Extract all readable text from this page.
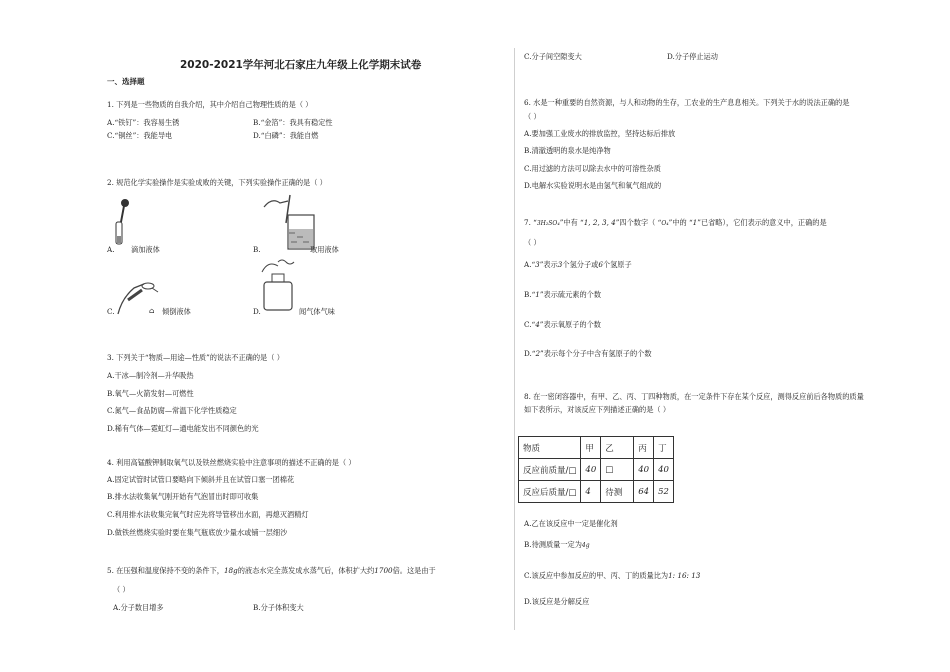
2020-2021学年河北石家庄九年级上化学期末试卷
一、选择题
1. 下列是一些物质的自我介绍，其中介绍自己物理性质的是（ ）
A.“铁钉”：我容易生锈	B.“金箔”：我具有稳定性
C.“铜丝”：我能导电	D.“白磷”：我能自燃
2. 规范化学实验操作是实验成败的关键，下列实验操作正确的是（ ）
A. 滴加液体	B.	取用液体
C.	⌂ 倾倒液体	D.	闻气体气味
3. 下列关于“物质—用途—性质”的说法不正确的是（ ）
A.干冰—制冷剂—升华吸热
B.氧气—火箭发射—可燃性
C.氮气—食品防腐—常温下化学性质稳定
D.稀有气体—霓虹灯—通电能发出不同颜色的光
4. 利用高锰酸钾制取氧气以及铁丝燃烧实验中注意事项的描述不正确的是（ ）
A.固定试管时试管口要略向下倾斜并且在试管口塞一团棉花
B.排水法收集氧气刚开始有气泡冒出时即可收集
C.利用排水法收集完氧气时应先将导管移出水面，再熄灭酒精灯
D.做铁丝燃烧实验时要在集气瓶底放少量水或铺一层细沙
5. 在压强和温度保持不变的条件下，18g的液态水完全蒸发成水蒸气后，体积扩大约1700倍。这是由于
（ ）
A.分子数目增多	B.分子体积变大
C.分子间空隙变大	D.分子停止运动
6. 水是一种重要的自然资源，与人和动物的生存，工农业的生产息息相关。下列关于水的说法正确的是
（ ）
A.要加强工业废水的排放监控，坚持达标后排放
B.清澈透明的泉水是纯净物
C.用过滤的方法可以除去水中的可溶性杂质
D.电解水实验说明水是由氢气和氧气组成的
7. “3H₂SO₄”中有 “1, 2, 3, 4”四个数字（ “O₄”中的 “1”已省略），它们表示的意义中，正确的是
（ ）
A.“3”表示3个氢分子或6个氢原子
B.“1”表示硫元素的个数
C.“4”表示氧原子的个数
D.“2”表示每个分子中含有氢原子的个数
8. 在一密闭容器中，有甲、乙、丙、丁四种物质，在一定条件下存在某个反应，测得反应前后各物质的质量
如下表所示，对该反应下列描述正确的是（ ）
物质	甲	乙	丙	丁
反应前质量/□	40	□	40	40
反应后质量/□	4	待测	64	52
A.乙在该反应中一定是催化剂
B.待测质量一定为4g
C.该反应中参加反应的甲、丙、丁的质量比为1: 16: 13
D.该反应是分解反应
